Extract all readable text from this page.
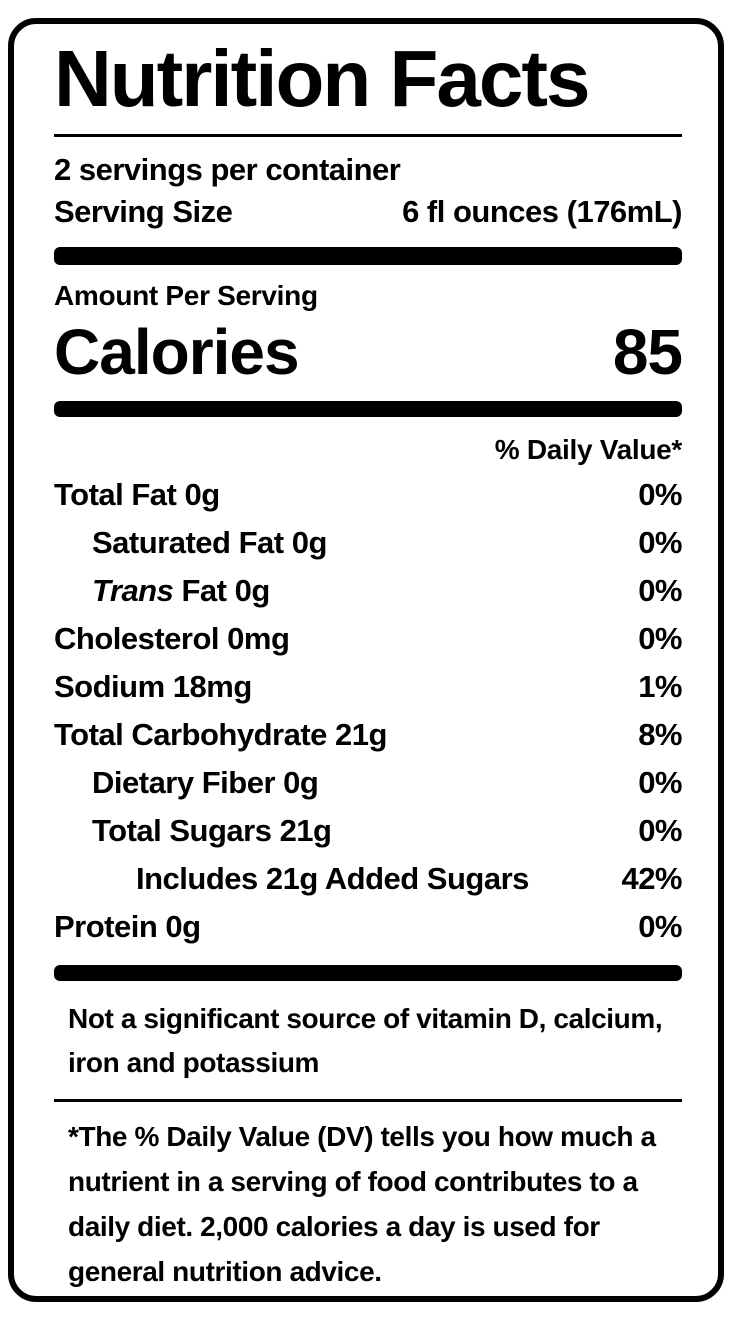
Nutrition Facts
2 servings per container
Serving Size	6 fl ounces (176mL)
Amount Per Serving
Calories	85
% Daily Value*
Total Fat 0g	0%
Saturated Fat 0g	0%
Trans Fat 0g	0%
Cholesterol 0mg	0%
Sodium 18mg	1%
Total Carbohydrate 21g	8%
Dietary Fiber 0g	0%
Total Sugars 21g	0%
Includes 21g Added Sugars	42%
Protein 0g	0%
Not a significant source of vitamin D, calcium, iron and potassium
*The % Daily Value (DV) tells you how much a nutrient in a serving of food contributes to a daily diet. 2,000 calories a day is used for general nutrition advice.
